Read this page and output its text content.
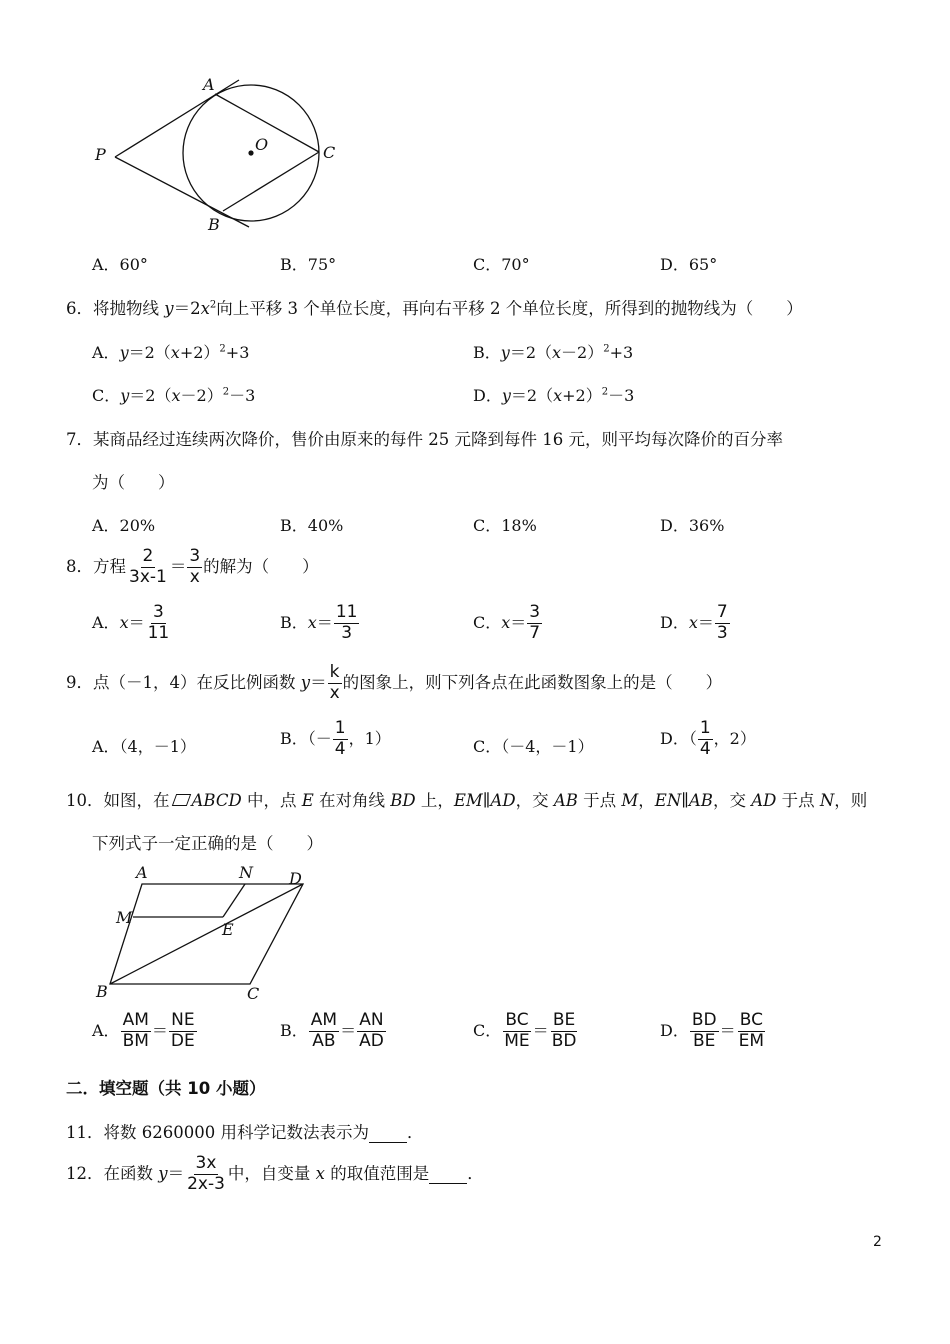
A
B
C
O
P
A．60°	B．75°	C．70°	D．65°
6．将抛物线 $y=2x^2$向上平移 3 个单位长度，再向右平移 2 个单位长度，所得到的抛物线为（　　）
A．$y=2(x+2)^2+3$	B．$y=2(x-2)^2+3$
C．$y=2(x-2)^2-3$	D．$y=2(x+2)^2-3$
7．某商品经过连续两次降价，售价由原来的每件 25 元降到每件 16 元，则平均每次降价的百分率
为（　　）
A．20%	B．40%	C．18%	D．36%
8．方程 $\frac{2}{3x-1} = \frac{3}{x}$ 的解为（　　）
A．$x= \frac{3}{11}$	B．$x= \frac{11}{3}$	C．$x= \frac{3}{7}$	D．$x= \frac{7}{3}$
9．点（－1，4）在反比例函数 $y= \frac{k}{x}$ 的图象上，则下列各点在此函数图象上的是（　　）
A．（4，－1）	B．（－ $\frac{1}{4}$ ，1）	C．（－4，－1）	D．（ $\frac{1}{4}$ ，2）
10．如图，在 ABCD 中，点 E 在对角线 BD 上，EM∥AD，交 AB 于点 M，EN∥AB，交 AD 于点 N，则
下列式子一定正确的是（　　）
A	N D
M
E
B	C
A． $\frac{AM}{BM} = \frac{NE}{DE}$	B． $\frac{AM}{AB} = \frac{AN}{AD}$	C． $\frac{BC}{ME} = \frac{BE}{BD}$	D． $\frac{BD}{BE} = \frac{BC}{EM}$
二．填空题（共 10 小题）
11．将数 6260000 用科学记数法表示为 ．
12．在函数 $y= \frac{3x}{2x-3}$ 中，自变量 x 的取值范围是 ．
2
